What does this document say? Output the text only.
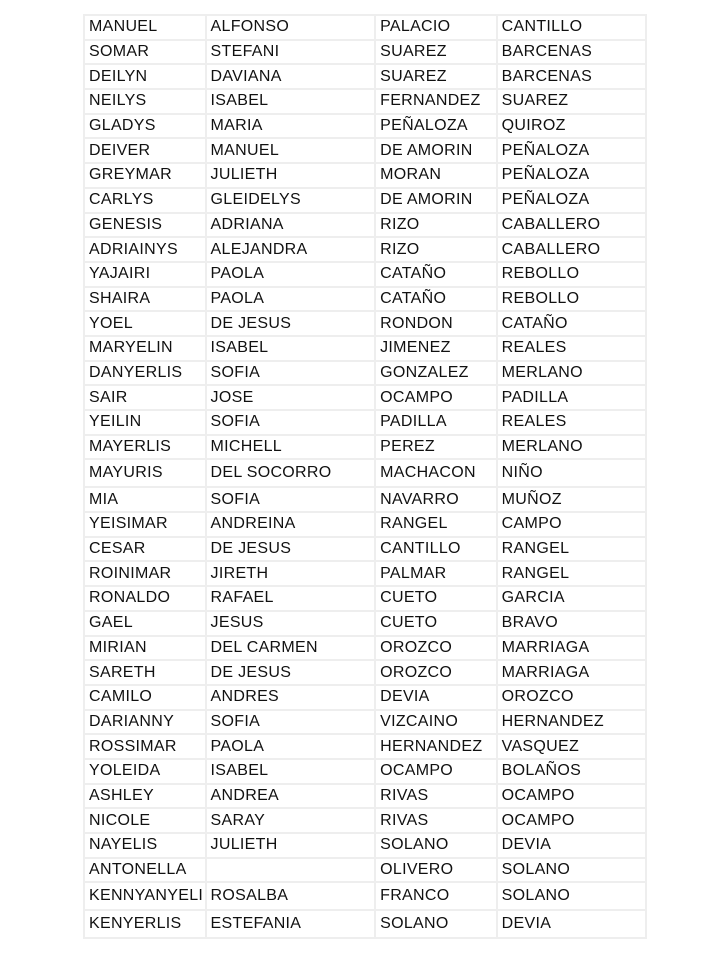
MANUEL	ALFONSO	PALACIO	CANTILLO
SOMAR	STEFANI	SUAREZ	BARCENAS
DEILYN	DAVIANA	SUAREZ	BARCENAS
NEILYS	ISABEL	FERNANDEZ	SUAREZ
GLADYS	MARIA	PEÑALOZA	QUIROZ
DEIVER	MANUEL	DE AMORIN	PEÑALOZA
GREYMAR	JULIETH	MORAN	PEÑALOZA
CARLYS	GLEIDELYS	DE AMORIN	PEÑALOZA
GENESIS	ADRIANA	RIZO	CABALLERO
ADRIAINYS	ALEJANDRA	RIZO	CABALLERO
YAJAIRI	PAOLA	CATAÑO	REBOLLO
SHAIRA	PAOLA	CATAÑO	REBOLLO
YOEL	DE JESUS	RONDON	CATAÑO
MARYELIN	ISABEL	JIMENEZ	REALES
DANYERLIS	SOFIA	GONZALEZ	MERLANO
SAIR	JOSE	OCAMPO	PADILLA
YEILIN	SOFIA	PADILLA	REALES
MAYERLIS	MICHELL	PEREZ	MERLANO
MAYURIS	DEL SOCORRO	MACHACON	NIÑO
MIA	SOFIA	NAVARRO	MUÑOZ
YEISIMAR	ANDREINA	RANGEL	CAMPO
CESAR	DE JESUS	CANTILLO	RANGEL
ROINIMAR	JIRETH	PALMAR	RANGEL
RONALDO	RAFAEL	CUETO	GARCIA
GAEL	JESUS	CUETO	BRAVO
MIRIAN	DEL CARMEN	OROZCO	MARRIAGA
SARETH	DE JESUS	OROZCO	MARRIAGA
CAMILO	ANDRES	DEVIA	OROZCO
DARIANNY	SOFIA	VIZCAINO	HERNANDEZ
ROSSIMAR	PAOLA	HERNANDEZ	VASQUEZ
YOLEIDA	ISABEL	OCAMPO	BOLAÑOS
ASHLEY	ANDREA	RIVAS	OCAMPO
NICOLE	SARAY	RIVAS	OCAMPO
NAYELIS	JULIETH	SOLANO	DEVIA
ANTONELLA		OLIVERO	SOLANO
KENNYANYELI	ROSALBA	FRANCO	SOLANO
KENYERLIS	ESTEFANIA	SOLANO	DEVIA
